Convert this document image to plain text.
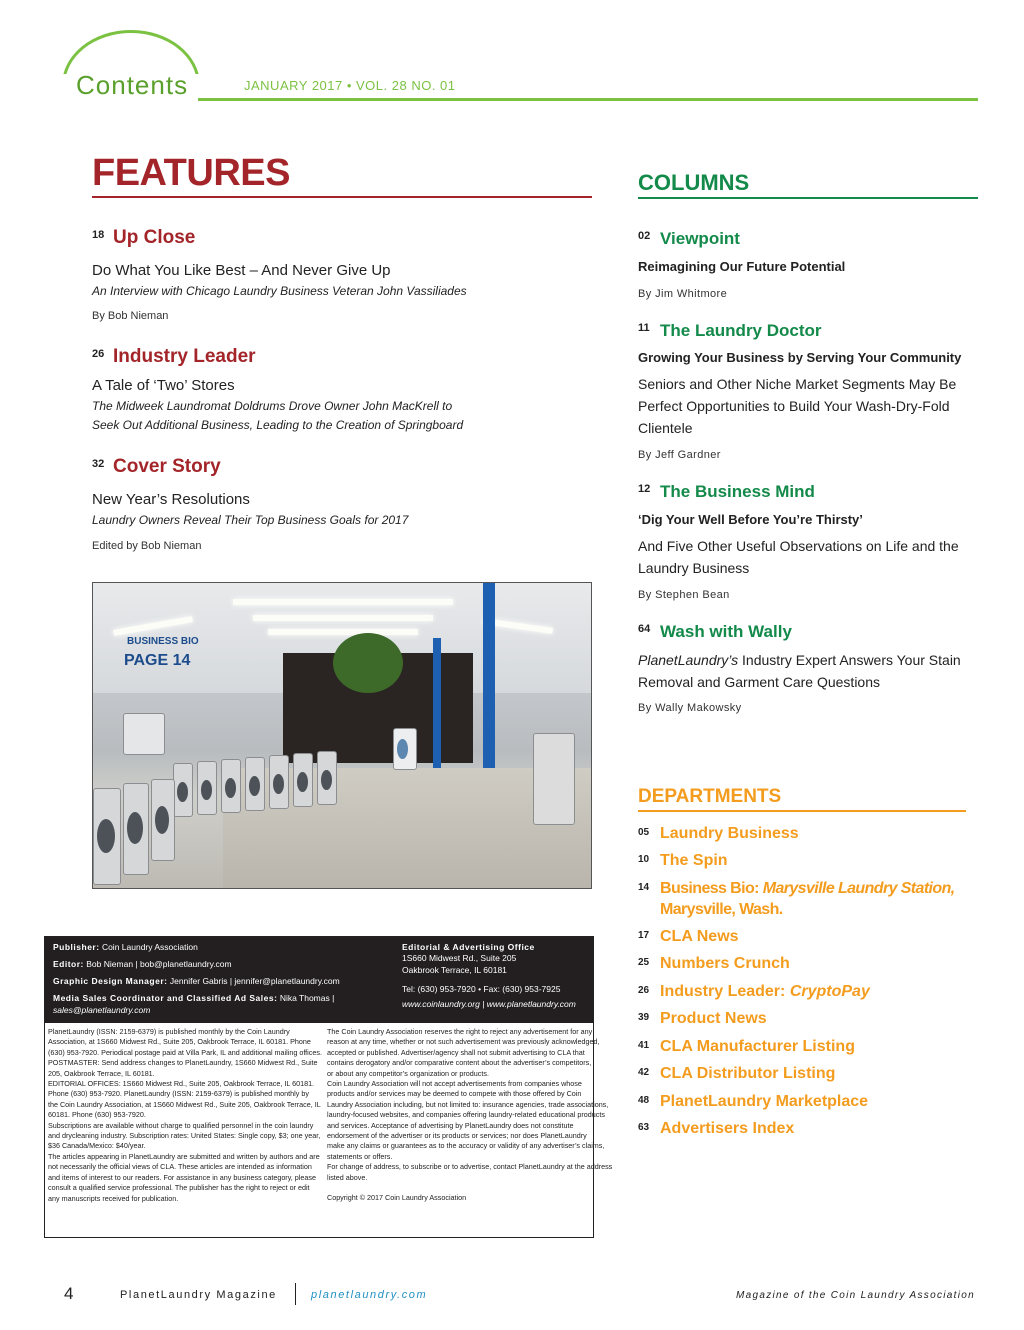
Contents	JANUARY 2017 • VOL. 28 NO. 01
FEATURES
18 Up Close
Do What You Like Best – And Never Give Up
An Interview with Chicago Laundry Business Veteran John Vassiliades
By Bob Nieman
26 Industry Leader
A Tale of ‘Two’ Stores
The Midweek Laundromat Doldrums Drove Owner John MacKrell to
Seek Out Additional Business, Leading to the Creation of Springboard
32 Cover Story
New Year’s Resolutions
Laundry Owners Reveal Their Top Business Goals for 2017
Edited by Bob Nieman
BUSINESS BIO
PAGE 14
COLUMNS
02 Viewpoint
Reimagining Our Future Potential
By Jim Whitmore
11 The Laundry Doctor
Growing Your Business by Serving Your Community
Seniors and Other Niche Market Segments May Be Perfect Opportunities to Build Your Wash-Dry-Fold Clientele
By Jeff Gardner
12 The Business Mind
‘Dig Your Well Before You’re Thirsty’
And Five Other Useful Observations on Life and the Laundry Business
By Stephen Bean
64 Wash with Wally
PlanetLaundry’s Industry Expert Answers Your Stain Removal and Garment Care Questions
By Wally Makowsky
DEPARTMENTS
05 Laundry Business
10 The Spin
14 Business Bio: Marysville Laundry Station,
Marysville, Wash.
17 CLA News
25 Numbers Crunch
26 Industry Leader: CryptoPay
39 Product News
41 CLA Manufacturer Listing
42 CLA Distributor Listing
48 PlanetLaundry Marketplace
63 Advertisers Index
Publisher: Coin Laundry Association
Editor: Bob Nieman | bob@planetlaundry.com
Graphic Design Manager: Jennifer Gabris | jennifer@planetlaundry.com
Media Sales Coordinator and Classified Ad Sales: Nika Thomas |
sales@planetlaundry.com
Editorial & Advertising Office
1S660 Midwest Rd., Suite 205
Oakbrook Terrace, IL 60181
Tel: (630) 953-7920 • Fax: (630) 953-7925
www.coinlaundry.org | www.planetlaundry.com
PlanetLaundry (ISSN: 2159-6379) is published monthly by the Coin Laundry
Association, at 1S660 Midwest Rd., Suite 205, Oakbrook Terrace, IL 60181. Phone
(630) 953-7920. Periodical postage paid at Villa Park, IL and additional mailing offices.
POSTMASTER: Send address changes to PlanetLaundry, 1S660 Midwest Rd., Suite
205, Oakbrook Terrace, IL 60181.
EDITORIAL OFFICES: 1S660 Midwest Rd., Suite 205, Oakbrook Terrace, IL 60181.
Phone (630) 953-7920. PlanetLaundry (ISSN: 2159-6379) is published monthly by
the Coin Laundry Association, at 1S660 Midwest Rd., Suite 205, Oakbrook Terrace, IL
60181. Phone (630) 953-7920.
Subscriptions are available without charge to qualified personnel in the coin laundry
and drycleaning industry. Subscription rates: United States: Single copy, $3; one year,
$36 Canada/Mexico: $40/year.
The articles appearing in PlanetLaundry are submitted and written by authors and are
not necessarily the official views of CLA. These articles are intended as information
and items of interest to our readers. For assistance in any business category, please
consult a qualified service professional. The publisher has the right to reject or edit
any manuscripts received for publication.
The Coin Laundry Association reserves the right to reject any advertisement for any
reason at any time, whether or not such advertisement was previously acknowledged,
accepted or published. Advertiser/agency shall not submit advertising to CLA that
contains derogatory and/or comparative content about the advertiser’s competitors,
or about any competitor’s organization or products.
Coin Laundry Association will not accept advertisements from companies whose
products and/or services may be deemed to compete with those offered by Coin
Laundry Association including, but not limited to: insurance agencies, trade associations,
laundry-focused websites, and companies offering laundry-related educational products
and services. Acceptance of advertising by PlanetLaundry does not constitute
endorsement of the advertiser or its products or services; nor does PlanetLaundry
make any claims or guarantees as to the accuracy or validity of any advertiser’s claims,
statements or offers.
For change of address, to subscribe or to advertise, contact PlanetLaundry at the address
listed above.
Copyright © 2017 Coin Laundry Association
4	PlanetLaundry Magazine	planetlaundry.com	Magazine of the Coin Laundry Association
